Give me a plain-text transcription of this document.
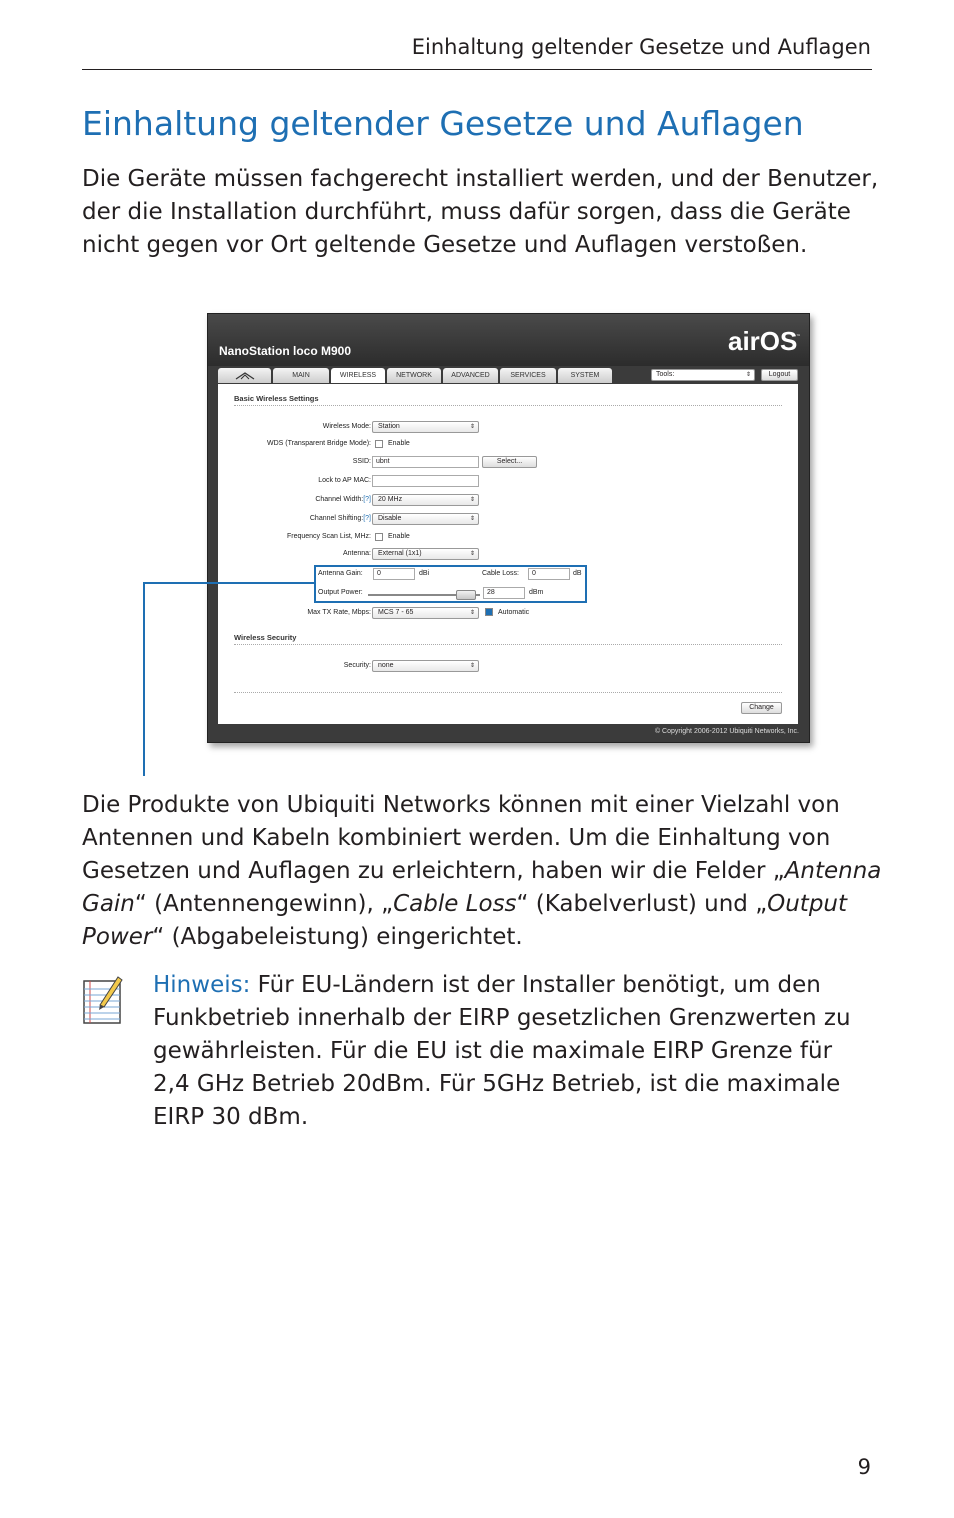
Einhaltung geltender Gesetze und Auflagen
Einhaltung geltender Gesetze und Auflagen

Die Geräte müssen fachgerecht installiert werden, und der Benutzer, der die Installation durchführt, muss dafür sorgen, dass die Geräte nicht gegen vor Ort geltende Gesetze und Auflagen verstoßen.

NanoStation loco M900	airOS
™
MAIN	WIRELESS	NETWORK	ADVANCED	SERVICES	SYSTEM	Tools:	⇕	Logout
Basic Wireless Settings
Wireless Mode:	Station	⇕
WDS (Transparent Bridge Mode): Enable
SSID: ubnt	Select...
Lock to AP MAC:
Channel Width:[?]	20 MHz	⇕
Channel Shifting:[?]	Disable	⇕
Frequency Scan List, MHz: Enable
Antenna:	External (1x1)	⇕
Antenna Gain:	0	dBi	Cable Loss:	0	dB
Output Power:	28	dBm
Max TX Rate, Mbps:	MCS 7 - 65	⇕	Automatic
Wireless Security
Security:	none	⇕
Change
© Copyright 2006-2012 Ubiquiti Networks, Inc.

Die Produkte von Ubiquiti Networks können mit einer Vielzahl von Antennen und Kabeln kombiniert werden. Um die Einhaltung von Gesetzen und Auflagen zu erleichtern, haben wir die Felder „Antenna Gain“ (Antennengewinn), „Cable Loss“ (Kabelverlust) und „Output Power“ (Abgabeleistung) eingerichtet.

Hinweis: Für EU-Ländern ist der Installer benötigt, um den Funkbetrieb innerhalb der EIRP gesetzlichen Grenzwerten zu gewährleisten. Für die EU ist die maximale EIRP Grenze für 2,4 GHz Betrieb 20dBm. Für 5GHz Betrieb, ist die maximale EIRP 30 dBm.

9
